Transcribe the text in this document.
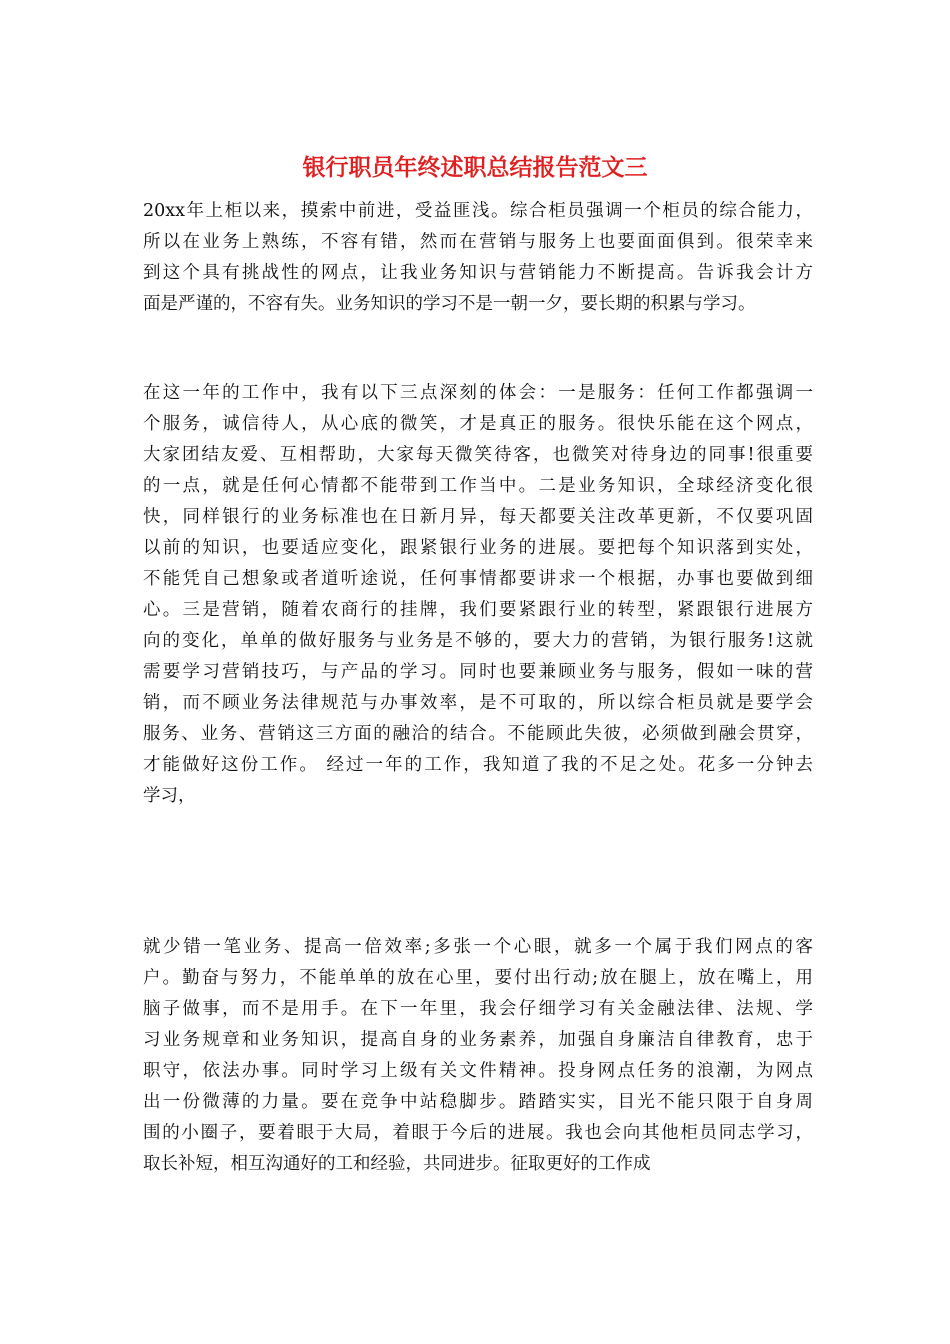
银行职员年终述职总结报告范文三
20xx年上柜以来，摸索中前进，受益匪浅。综合柜员强调一个柜员的综合能力，
所以在业务上熟练，不容有错，然而在营销与服务上也要面面俱到。很荣幸来
到这个具有挑战性的网点，让我业务知识与营销能力不断提高。告诉我会计方
面是严谨的，不容有失。业务知识的学习不是一朝一夕，要长期的积累与学习。
在这一年的工作中，我有以下三点深刻的体会：一是服务：任何工作都强调一
个服务，诚信待人，从心底的微笑，才是真正的服务。很快乐能在这个网点，
大家团结友爱、互相帮助，大家每天微笑待客，也微笑对待身边的同事!很重要
的一点，就是任何心情都不能带到工作当中。二是业务知识，全球经济变化很
快，同样银行的业务标准也在日新月异，每天都要关注改革更新，不仅要巩固
以前的知识，也要适应变化，跟紧银行业务的进展。要把每个知识落到实处，
不能凭自己想象或者道听途说，任何事情都要讲求一个根据，办事也要做到细
心。三是营销，随着农商行的挂牌，我们要紧跟行业的转型，紧跟银行进展方
向的变化，单单的做好服务与业务是不够的，要大力的营销，为银行服务!这就
需要学习营销技巧，与产品的学习。同时也要兼顾业务与服务，假如一味的营
销，而不顾业务法律规范与办事效率，是不可取的，所以综合柜员就是要学会
服务、业务、营销这三方面的融洽的结合。不能顾此失彼，必须做到融会贯穿，
才能做好这份工作。 经过一年的工作，我知道了我的不足之处。花多一分钟去
学习，
就少错一笔业务、提高一倍效率;多张一个心眼，就多一个属于我们网点的客
户。勤奋与努力，不能单单的放在心里，要付出行动;放在腿上，放在嘴上，用
脑子做事，而不是用手。在下一年里，我会仔细学习有关金融法律、法规、学
习业务规章和业务知识，提高自身的业务素养，加强自身廉洁自律教育，忠于
职守，依法办事。同时学习上级有关文件精神。投身网点任务的浪潮，为网点
出一份微薄的力量。要在竞争中站稳脚步。踏踏实实，目光不能只限于自身周
围的小圈子，要着眼于大局，着眼于今后的进展。我也会向其他柜员同志学习，
取长补短，相互沟通好的工和经验，共同进步。征取更好的工作成
